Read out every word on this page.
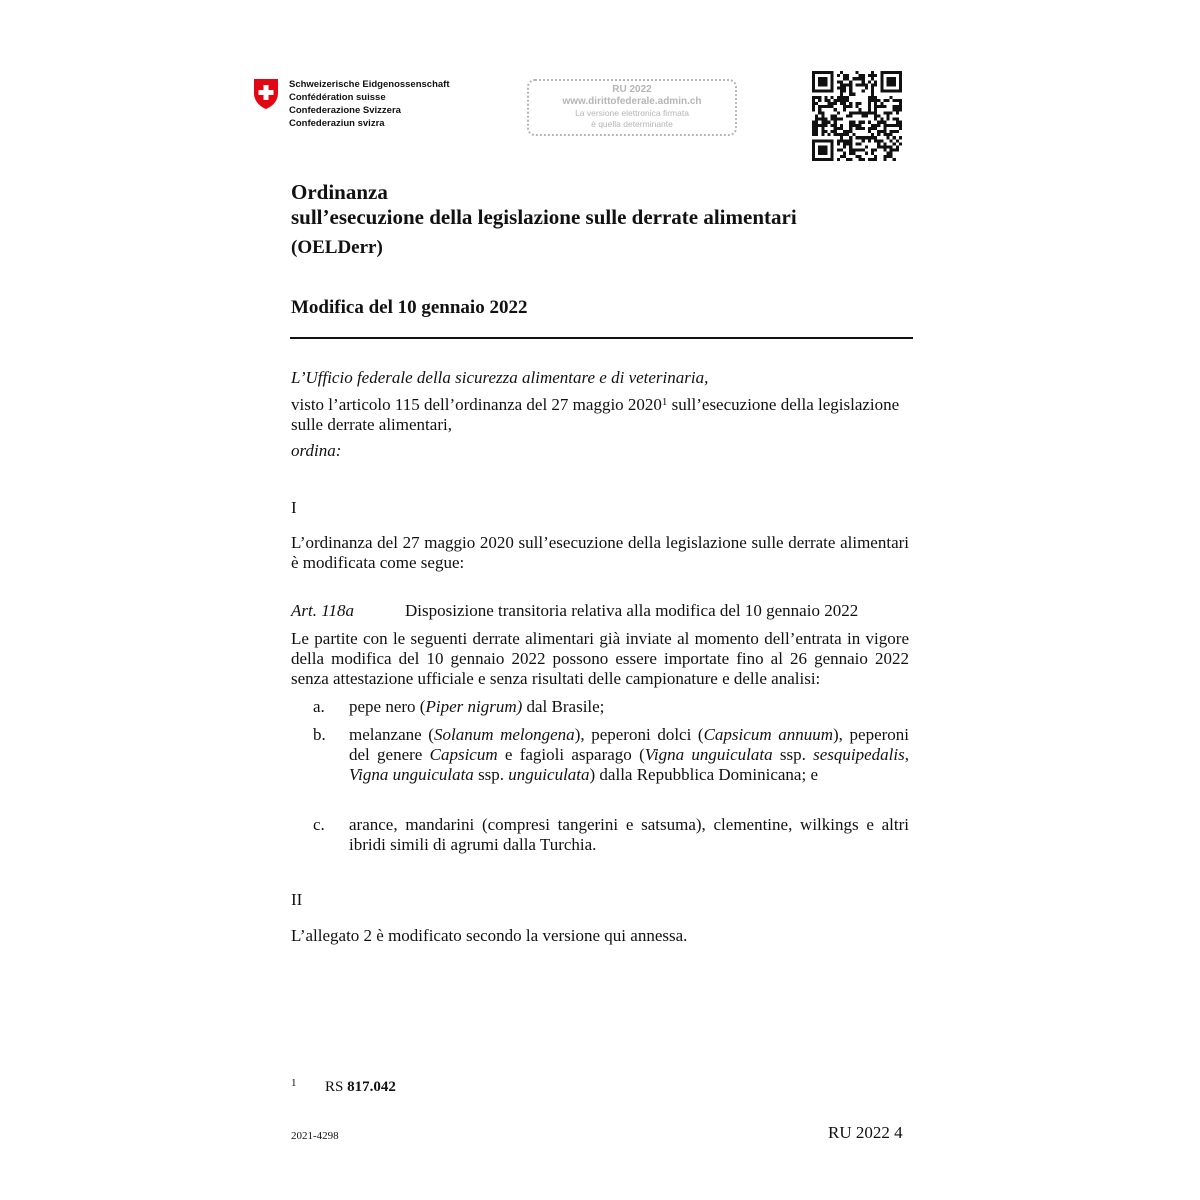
Schweizerische Eidgenossenschaft
Confédération suisse
Confederazione Svizzera
Confederaziun svizra
RU 2022
www.dirittofederale.admin.ch
La versione elettronica firmata
è quella determinante
Ordinanza
sull’esecuzione della legislazione sulle derrate alimentari
(OELDerr)
Modifica del 10 gennaio 2022
L’Ufficio federale della sicurezza alimentare e di veterinaria,
visto l’articolo 115 dell’ordinanza del 27 maggio 2020$^1$ sull’esecuzione della legislazione sulle derrate alimentari,
ordina:
I
L’ordinanza del 27 maggio 2020 sull’esecuzione della legislazione sulle derrate alimentari è modificata come segue:
Art. 118a	Disposizione transitoria relativa alla modifica del 10 gennaio 2022
Le partite con le seguenti derrate alimentari già inviate al momento dell’entrata in vigore della modifica del 10 gennaio 2022 possono essere importate fino al 26 gennaio 2022 senza attestazione ufficiale e senza risultati delle campionature e delle analisi:
a. pepe nero (Piper nigrum) dal Brasile;
b. melanzane (Solanum melongena), peperoni dolci (Capsicum annuum), peperoni del genere Capsicum e fagioli asparago (Vigna unguiculata ssp. sesquipedalis, Vigna unguiculata ssp. unguiculata) dalla Repubblica Dominicana; e
c. arance, mandarini (compresi tangerini e satsuma), clementine, wilkings e altri ibridi simili di agrumi dalla Turchia.
II
L’allegato 2 è modificato secondo la versione qui annessa.
1 RS 817.042
2021-4298	RU 2022 4
